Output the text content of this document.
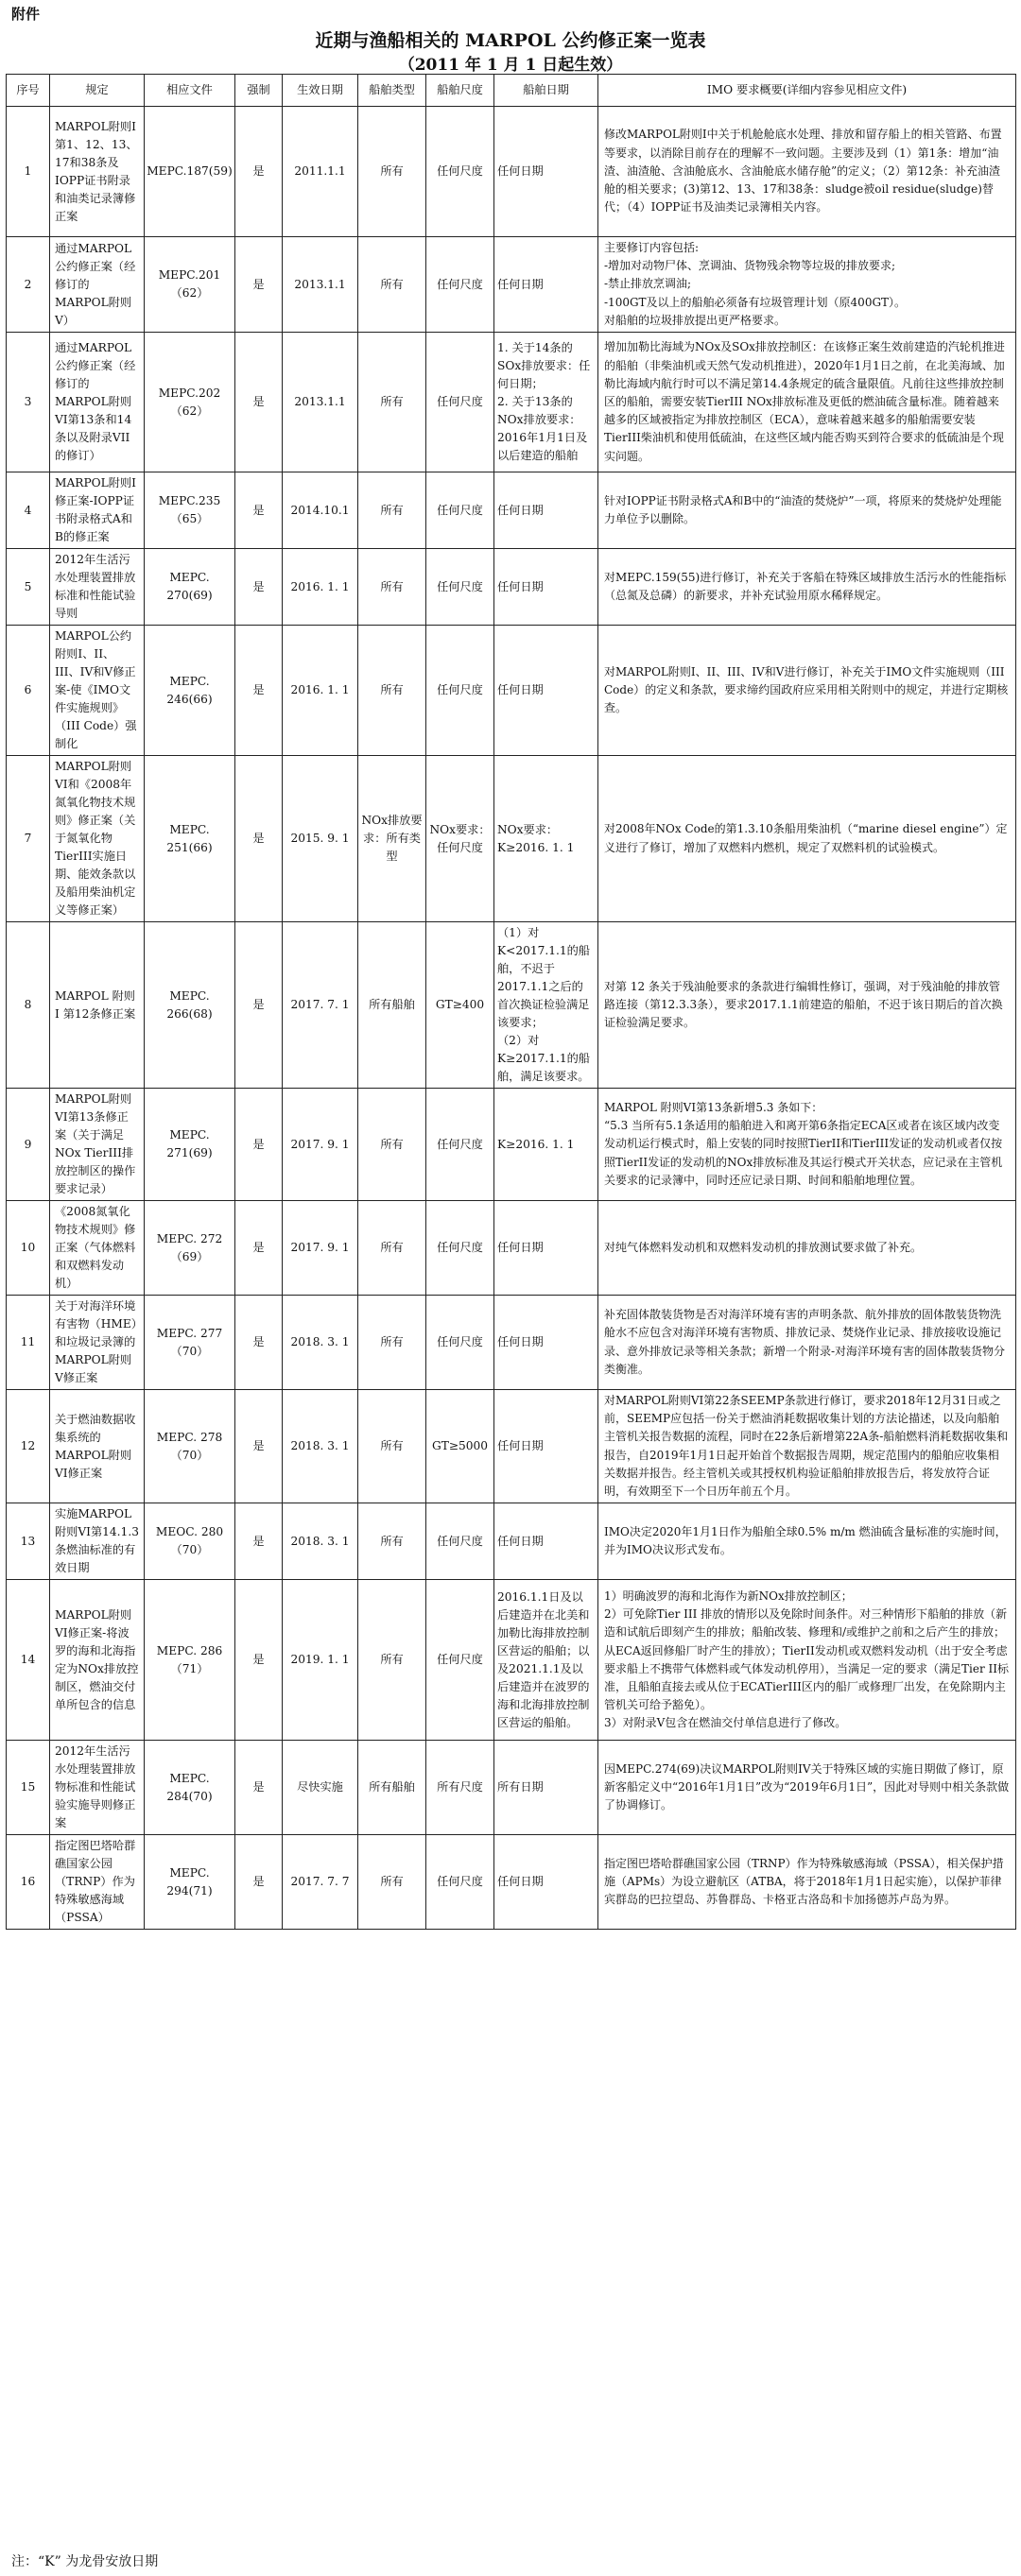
附件
近期与渔船相关的 MARPOL 公约修正案一览表
（2011 年 1 月 1 日起生效）
序号	规定	相应文件	强制	生效日期	船舶类型	船舶尺度	船舶日期	IMO 要求概要(详细内容参见相应文件)
1	MARPOL附则I第1、12、13、17和38条及IOPP证书附录和油类记录簿修正案	MEPC.187(59)	是	2011.1.1	所有	任何尺度	任何日期	修改MARPOL附则I中关于机舱舱底水处理、排放和留存船上的相关管路、布置等要求，以消除目前存在的理解不一致问题。主要涉及到（1）第1条：增加“油渣、油渣舱、含油舱底水、含油舱底水储存舱”的定义；（2）第12条：补充油渣舱的相关要求；(3)第12、13、17和38条：sludge被oil residue(sludge)替代；（4）IOPP证书及油类记录簿相关内容。
2	通过MARPOL公约修正案（经修订的MARPOL附则V）	MEPC.201（62）	是	2013.1.1	所有	任何尺度	任何日期	主要修订内容包括:
-增加对动物尸体、烹调油、货物残余物等垃圾的排放要求;
-禁止排放烹调油;
-100GT及以上的船舶必须备有垃圾管理计划（原400GT）。
对船舶的垃圾排放提出更严格要求。

3	通过MARPOL公约修正案（经修订的MARPOL附则VI第13条和14条以及附录VII的修订）	MEPC.202（62）	是	2013.1.1	所有	任何尺度	1. 关于14条的SOx排放要求：任何日期；
2. 关于13条的NOx排放要求：2016年1月1日及以后建造的船舶	增加加勒比海域为NOx及SOx排放控制区：在该修正案生效前建造的汽轮机推进的船舶（非柴油机或天然气发动机推进），2020年1月1日之前，在北美海域、加勒比海域内航行时可以不满足第14.4条规定的硫含量限值。凡前往这些排放控制区的船舶，需要安装TierIII NOx排放标准及更低的燃油硫含量标准。随着越来越多的区域被指定为排放控制区（ECA），意味着越来越多的船舶需要安装TierIII柴油机和使用低硫油，在这些区域内能否购买到符合要求的低硫油是个现实问题。
4	MARPOL附则I修正案-IOPP证书附录格式A和B的修正案	MEPC.235（65）	是	2014.10.1	所有	任何尺度	任何日期	针对IOPP证书附录格式A和B中的“油渣的焚烧炉”一项，将原来的焚烧炉处理能力单位予以删除。
5	2012年生活污水处理装置排放标准和性能试验导则	MEPC. 270(69)	是	2016. 1. 1	所有	任何尺度	任何日期	对MEPC.159(55)进行修订，补充关于客船在特殊区域排放生活污水的性能指标（总氮及总磷）的新要求，并补充试验用原水稀释规定。
6	MARPOL公约附则I、II、III、IV和V修正案-使《IMO文件实施规则》（III Code）强制化	MEPC. 246(66)	是	2016. 1. 1	所有	任何尺度	任何日期	对MARPOL附则I、II、III、IV和V进行修订，补充关于IMO文件实施规则（III Code）的定义和条款，要求缔约国政府应采用相关附则中的规定，并进行定期核查。
7	MARPOL附则VI和《2008年氮氧化物技术规则》修正案（关于氮氧化物TierIII实施日期、能效条款以及船用柴油机定义等修正案）	MEPC. 251(66)	是	2015. 9. 1	NOx排放要求：所有类型	NOx要求：任何尺度	NOx要求：K≥2016. 1. 1	对2008年NOx Code的第1.3.10条船用柴油机（“marine diesel engine”）定义进行了修订，增加了双燃料内燃机，规定了双燃料机的试验模式。
8	MARPOL 附则 I 第12条修正案	MEPC. 266(68)	是	2017. 7. 1	所有船舶	GT≥400	（1）对K<2017.1.1的船舶，不迟于2017.1.1之后的首次换证检验满足该要求；
（2）对K≥2017.1.1的船舶，满足该要求。	对第 12 条关于残油舱要求的条款进行编辑性修订，强调，对于残油舱的排放管路连接（第12.3.3条），要求2017.1.1前建造的船舶，不迟于该日期后的首次换证检验满足要求。
9	MARPOL附则VI第13条修正案（关于满足NOx TierIII排放控制区的操作要求记录）	MEPC. 271(69)	是	2017. 9. 1	所有	任何尺度	K≥2016. 1. 1	MARPOL 附则VI第13条新增5.3 条如下：
“5.3 当所有5.1条适用的船舶进入和离开第6条指定ECA区或者在该区域内改变发动机运行模式时，船上安装的同时按照TierII和TierIII发证的发动机或者仅按照TierII发证的发动机的NOx排放标准及其运行模式开关状态，应记录在主管机关要求的记录簿中，同时还应记录日期、时间和船舶地理位置。

10	《2008氮氧化物技术规则》修正案（气体燃料和双燃料发动机）	MEPC. 272（69）	是	2017. 9. 1	所有	任何尺度	任何日期	对纯气体燃料发动机和双燃料发动机的排放测试要求做了补充。
11	关于对海洋环境有害物（HME）和垃圾记录簿的MARPOL附则V修正案	MEPC. 277（70）	是	2018. 3. 1	所有	任何尺度	任何日期	补充固体散装货物是否对海洋环境有害的声明条款、航外排放的固体散装货物洗舱水不应包含对海洋环境有害物质、排放记录、焚烧作业记录、排放接收设施记录、意外排放记录等相关条款；新增一个附录-对海洋环境有害的固体散装货物分类衡准。
12	关于燃油数据收集系统的MARPOL附则VI修正案	MEPC. 278（70）	是	2018. 3. 1	所有	GT≥5000	任何日期	对MARPOL附则VI第22条SEEMP条款进行修订，要求2018年12月31日或之前，SEEMP应包括一份关于燃油消耗数据收集计划的方法论描述，以及向船舶主管机关报告数据的流程，同时在22条后新增第22A条-船舶燃料消耗数据收集和报告，自2019年1月1日起开始首个数据报告周期，规定范围内的船舶应收集相关数据并报告。经主管机关或其授权机构验证船舶排放报告后，将发放符合证明，有效期至下一个日历年前五个月。
13	实施MARPOL附则VI第14.1.3条燃油标准的有效日期	MEOC. 280（70）	是	2018. 3. 1	所有	任何尺度	任何日期	IMO决定2020年1月1日作为船舶全球0.5% m/m 燃油硫含量标准的实施时间，并为IMO决议形式发布。
14	MARPOL附则VI修正案-将波罗的海和北海指定为NOx排放控制区，燃油交付单所包含的信息	MEPC. 286（71）	是	2019. 1. 1	所有	任何尺度	2016.1.1日及以后建造并在北美和加勒比海排放控制区营运的船舶；以及2021.1.1及以后建造并在波罗的海和北海排放控制区营运的船舶。	1）明确波罗的海和北海作为新NOx排放控制区；
2）可免除Tier III 排放的情形以及免除时间条件。对三种情形下船舶的排放（新造和试航后即刻产生的排放；船舶改装、修理和/或维护之前和之后产生的排放；从ECA返回修船厂时产生的排放）；TierII发动机或双燃料发动机（出于安全考虑要求船上不携带气体燃料或气体发动机停用），当满足一定的要求（满足Tier II标准，且船舶直接去或从位于ECATierIII区内的船厂或修理厂出发，在免除期内主管机关可给予豁免）。
3）对附录V包含在燃油交付单信息进行了修改。

15	2012年生活污水处理装置排放物标准和性能试验实施导则修正案	MEPC. 284(70)	是	尽快实施	所有船舶	所有尺度	所有日期	因MEPC.274(69)决议MARPOL附则IV关于特殊区域的实施日期做了修订，原新客船定义中“2016年1月1日”改为“2019年6月1日”，因此对导则中相关条款做了协调修订。
16	指定图巴塔哈群礁国家公园（TRNP）作为特殊敏感海域（PSSA）	MEPC. 294(71)	是	2017. 7. 7	所有	任何尺度	任何日期	指定图巴塔哈群礁国家公园（TRNP）作为特殊敏感海域（PSSA），相关保护措施（APMs）为设立避航区（ATBA，将于2018年1月1日起实施），以保护菲律宾群岛的巴拉望岛、苏鲁群岛、卡格亚古洛岛和卡加扬德苏卢岛为界。
注：“K” 为龙骨安放日期
